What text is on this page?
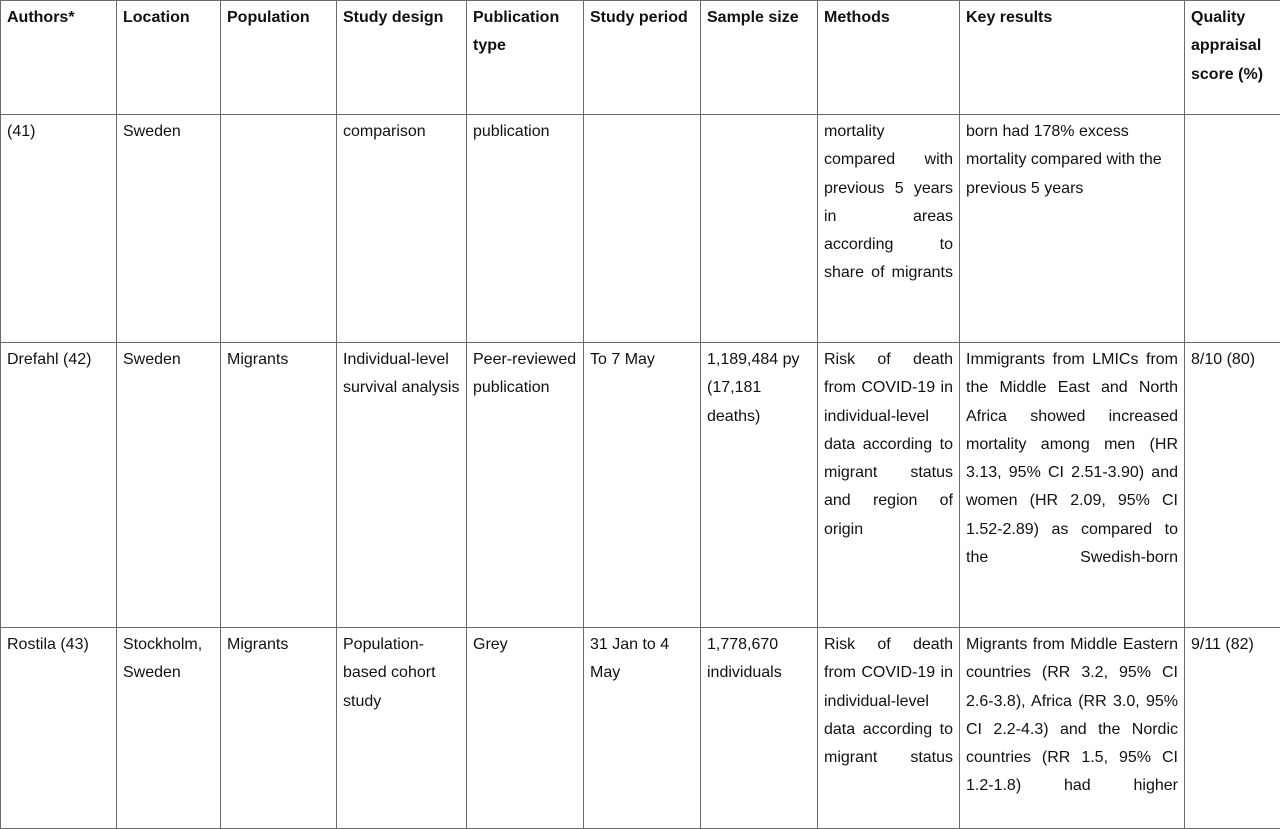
Authors*	Location	Population	Study design	Publication type	Study period	Sample size	Methods	Key results	Quality appraisal score (%)
(41)	Sweden		comparison	publication			mortality compared with previous 5 years in areas according to share of migrants	born had 178% excess mortality compared with the previous 5 years	
Drefahl (42)	Sweden	Migrants	Individual-level survival analysis	Peer-reviewed publication	To 7 May	1,189,484 py (17,181 deaths)	Risk of death from COVID-19 in individual-level data according to migrant status and region of origin	Immigrants from LMICs from the Middle East and North Africa showed increased mortality among men (HR 3.13, 95% CI 2.51-3.90) and women (HR 2.09, 95% CI 1.52-2.89) as compared to the Swedish-born	8/10 (80)
Rostila (43)	Stockholm, Sweden	Migrants	Population-based cohort study	Grey	31 Jan to 4 May	1,778,670 individuals	Risk of death from COVID-19 in individual-level data according to migrant status	Migrants from Middle Eastern countries (RR 3.2, 95% CI 2.6-3.8), Africa (RR 3.0, 95% CI 2.2-4.3) and the Nordic countries (RR 1.5, 95% CI 1.2-1.8) had higher	9/11 (82)
